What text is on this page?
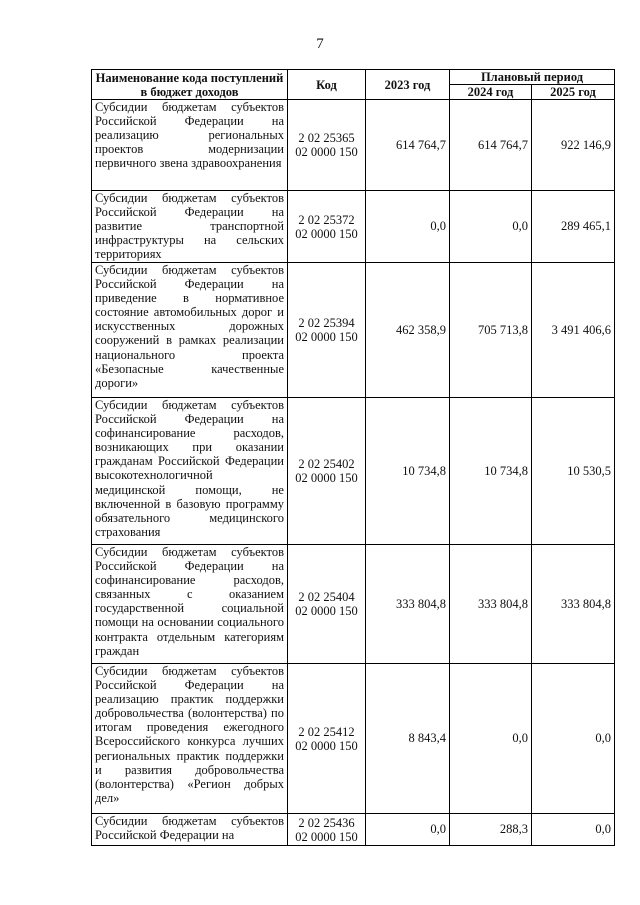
7
Наименование кода поступлений в бюджет доходов	Код	2023 год	Плановый период	
			2024 год	2025 год
Субсидии бюджетам субъектов Российской Федерации на реализацию региональных проектов модернизации первичного звена здравоохранения	2 02 25365
02 0000 150	614 764,7	614 764,7	922 146,9
Субсидии бюджетам субъектов Российской Федерации на развитие транспортной инфраструктуры на сельских территориях	2 02 25372
02 0000 150	0,0	0,0	289 465,1
Субсидии бюджетам субъектов Российской Федерации на приведение в нормативное состояние автомобильных дорог и искусственных дорожных сооружений в рамках реализации национального проекта «Безопасные качественные дороги»	2 02 25394
02 0000 150	462 358,9	705 713,8	3 491 406,6
Субсидии бюджетам субъектов Российской Федерации на софинансирование расходов, возникающих при оказании гражданам Российской Федерации высокотехнологичной медицинской помощи, не включенной в базовую программу обязательного медицинского страхования	2 02 25402
02 0000 150	10 734,8	10 734,8	10 530,5
Субсидии бюджетам субъектов Российской Федерации на софинансирование расходов, связанных с оказанием государственной социальной помощи на основании социального контракта отдельным категориям граждан	2 02 25404
02 0000 150	333 804,8	333 804,8	333 804,8
Субсидии бюджетам субъектов Российской Федерации на реализацию практик поддержки добровольчества (волонтерства) по итогам проведения ежегодного Всероссийского конкурса лучших региональных практик поддержки и развития добровольчества (волонтерства) «Регион добрых дел»	2 02 25412
02 0000 150	8 843,4	0,0	0,0
Субсидии бюджетам субъектов Российской Федерации на	2 02 25436
02 0000 150	0,0	288,3	0,0
